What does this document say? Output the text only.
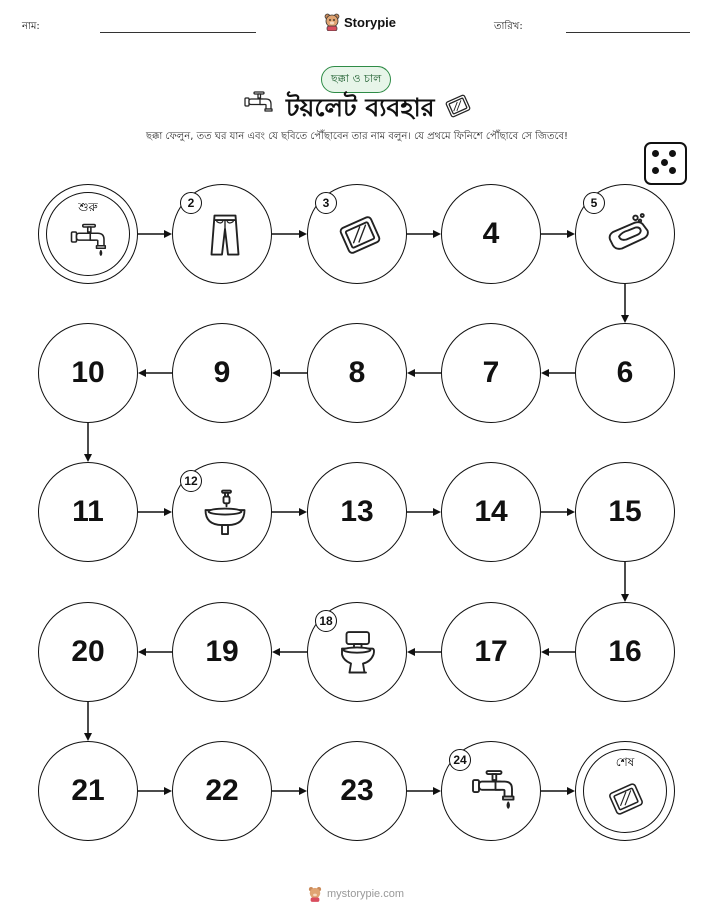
নাম:	Storypie	তারিখ:
ছক্কা ও চাল
টয়লেট ব্যবহার
ছক্কা ফেলুন, তত ঘর যান এবং যে ছবিতে পৌঁছাবেন তার নাম বলুন। যে প্রথমে ফিনিশে পৌঁছাবে সে জিতবে!
শুরু	2	3
4
5
6
7
8
9
10
11
12
13	14	15
16
17
18
19
20
21	22	23
24	শেষ
mystorypie.com
